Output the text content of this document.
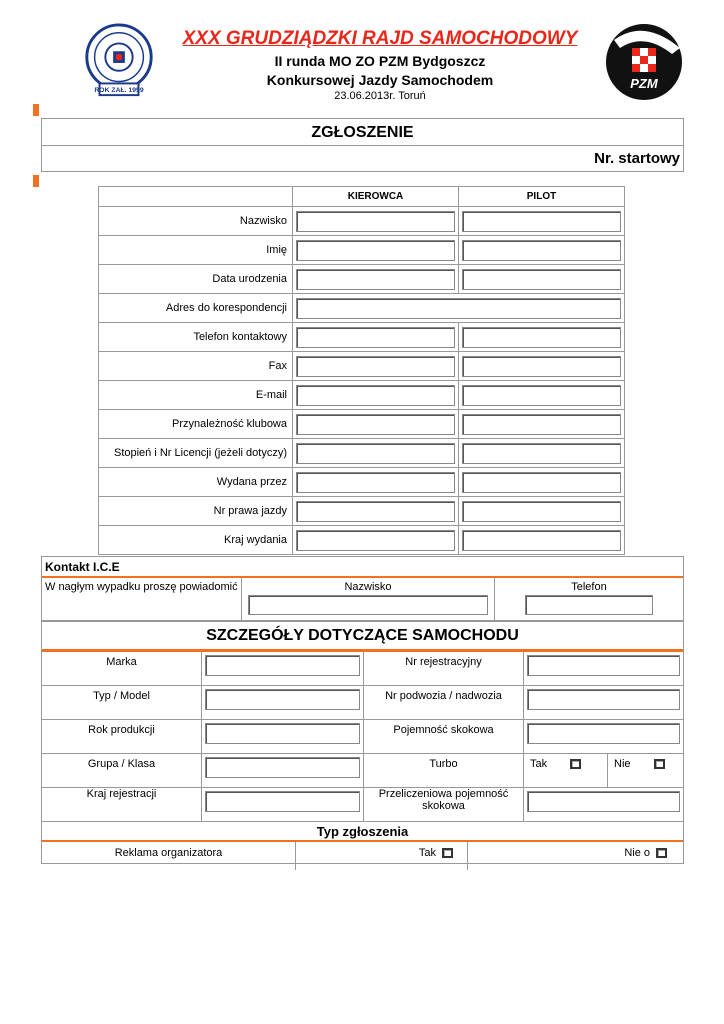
ROK ZAŁ. 1959	PZM
XXX GRUDZIĄDZKI RAJD SAMOCHODOWY
II runda MO ZO PZM Bydgoszcz
Konkursowej Jazdy Samochodem
23.06.2013r. Toruń
ZGŁOSZENIE
Nr. startowy
	KIEROWCA	PILOT
Nazwisko	

Imię	

Data urodzenia	

Adres do korespondencji		

Telefon kontaktowy	

Fax	

E-mail	

Przynależność klubowa	

Stopień i Nr Licencji (jeżeli dotyczy)	

Wydana przez	

Nr prawa jazdy	

Kraj wydania	

Kontakt I.C.E
W nagłym wypadku proszę powiadomić	Nazwisko	Telefon
SZCZEGÓŁY DOTYCZĄCE SAMOCHODU
Marka	Nr rejestracyjny
Typ / Model	Nr podwozia / nadwozia
Rok produkcji	Pojemność skokowa
Grupa / Klasa	Turbo	Tak	Nie
Kraj rejestracji	Przeliczeniowa pojemność skokowa
Typ zgłoszenia
Reklama organizatora	Tak	Nie o
